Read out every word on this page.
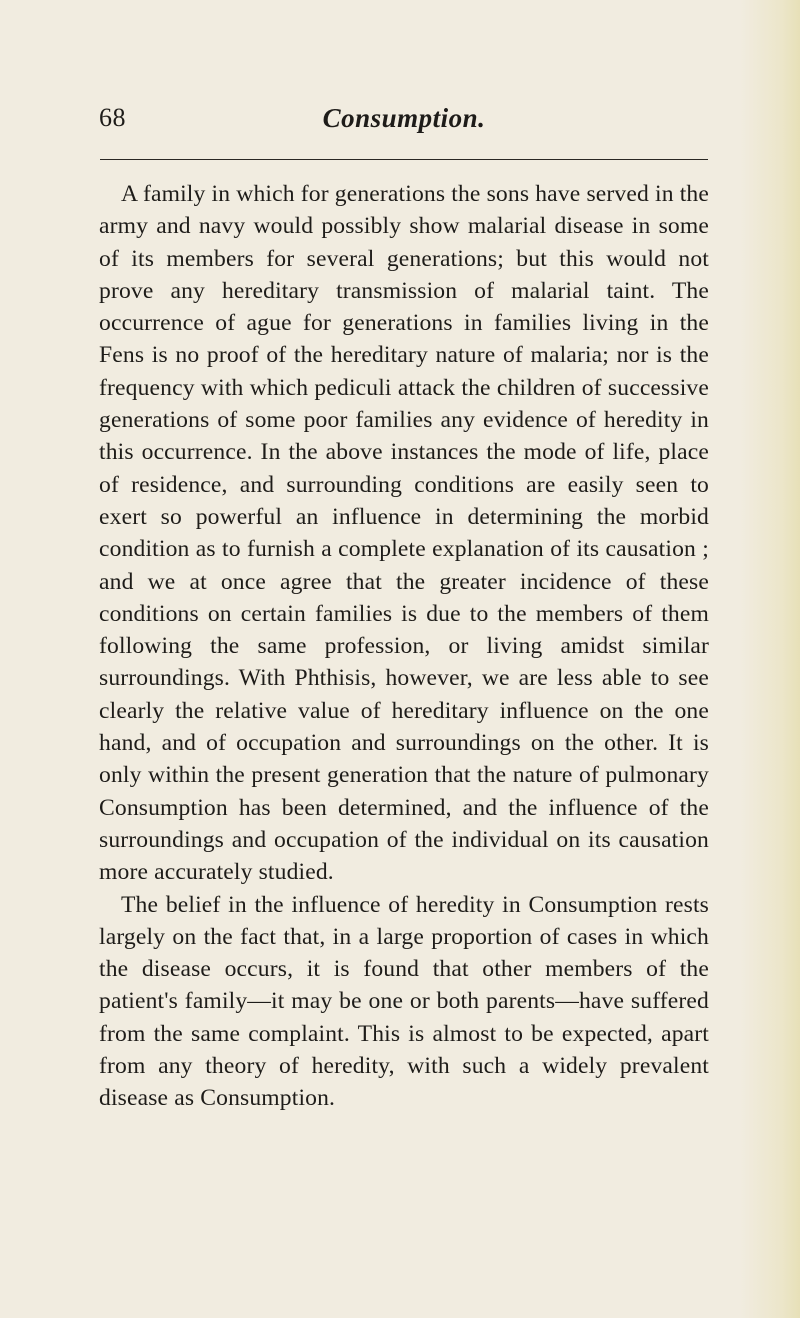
68	Consumption.

A family in which for generations the sons have served in the army and navy would possibly show malarial disease in some of its members for several generations; but this would not prove any hereditary transmission of malarial taint. The occurrence of ague for generations in families living in the Fens is no proof of the hereditary nature of malaria; nor is the frequency with which pediculi attack the children of successive generations of some poor families any evidence of heredity in this occurrence. In the above instances the mode of life, place of residence, and surrounding conditions are easily seen to exert so powerful an influence in determining the morbid condition as to furnish a complete explanation of its causation ; and we at once agree that the greater incidence of these conditions on certain families is due to the members of them following the same profession, or living amidst similar surroundings. With Phthisis, however, we are less able to see clearly the relative value of hereditary influence on the one hand, and of occupation and surroundings on the other. It is only within the present generation that the nature of pulmonary Consumption has been determined, and the influence of the surroundings and occupation of the individual on its causation more accurately studied.

The belief in the influence of heredity in Consumption rests largely on the fact that, in a large proportion of cases in which the disease occurs, it is found that other members of the patient's family—it may be one or both parents—have suffered from the same complaint. This is almost to be expected, apart from any theory of heredity, with such a widely prevalent disease as Consumption.
